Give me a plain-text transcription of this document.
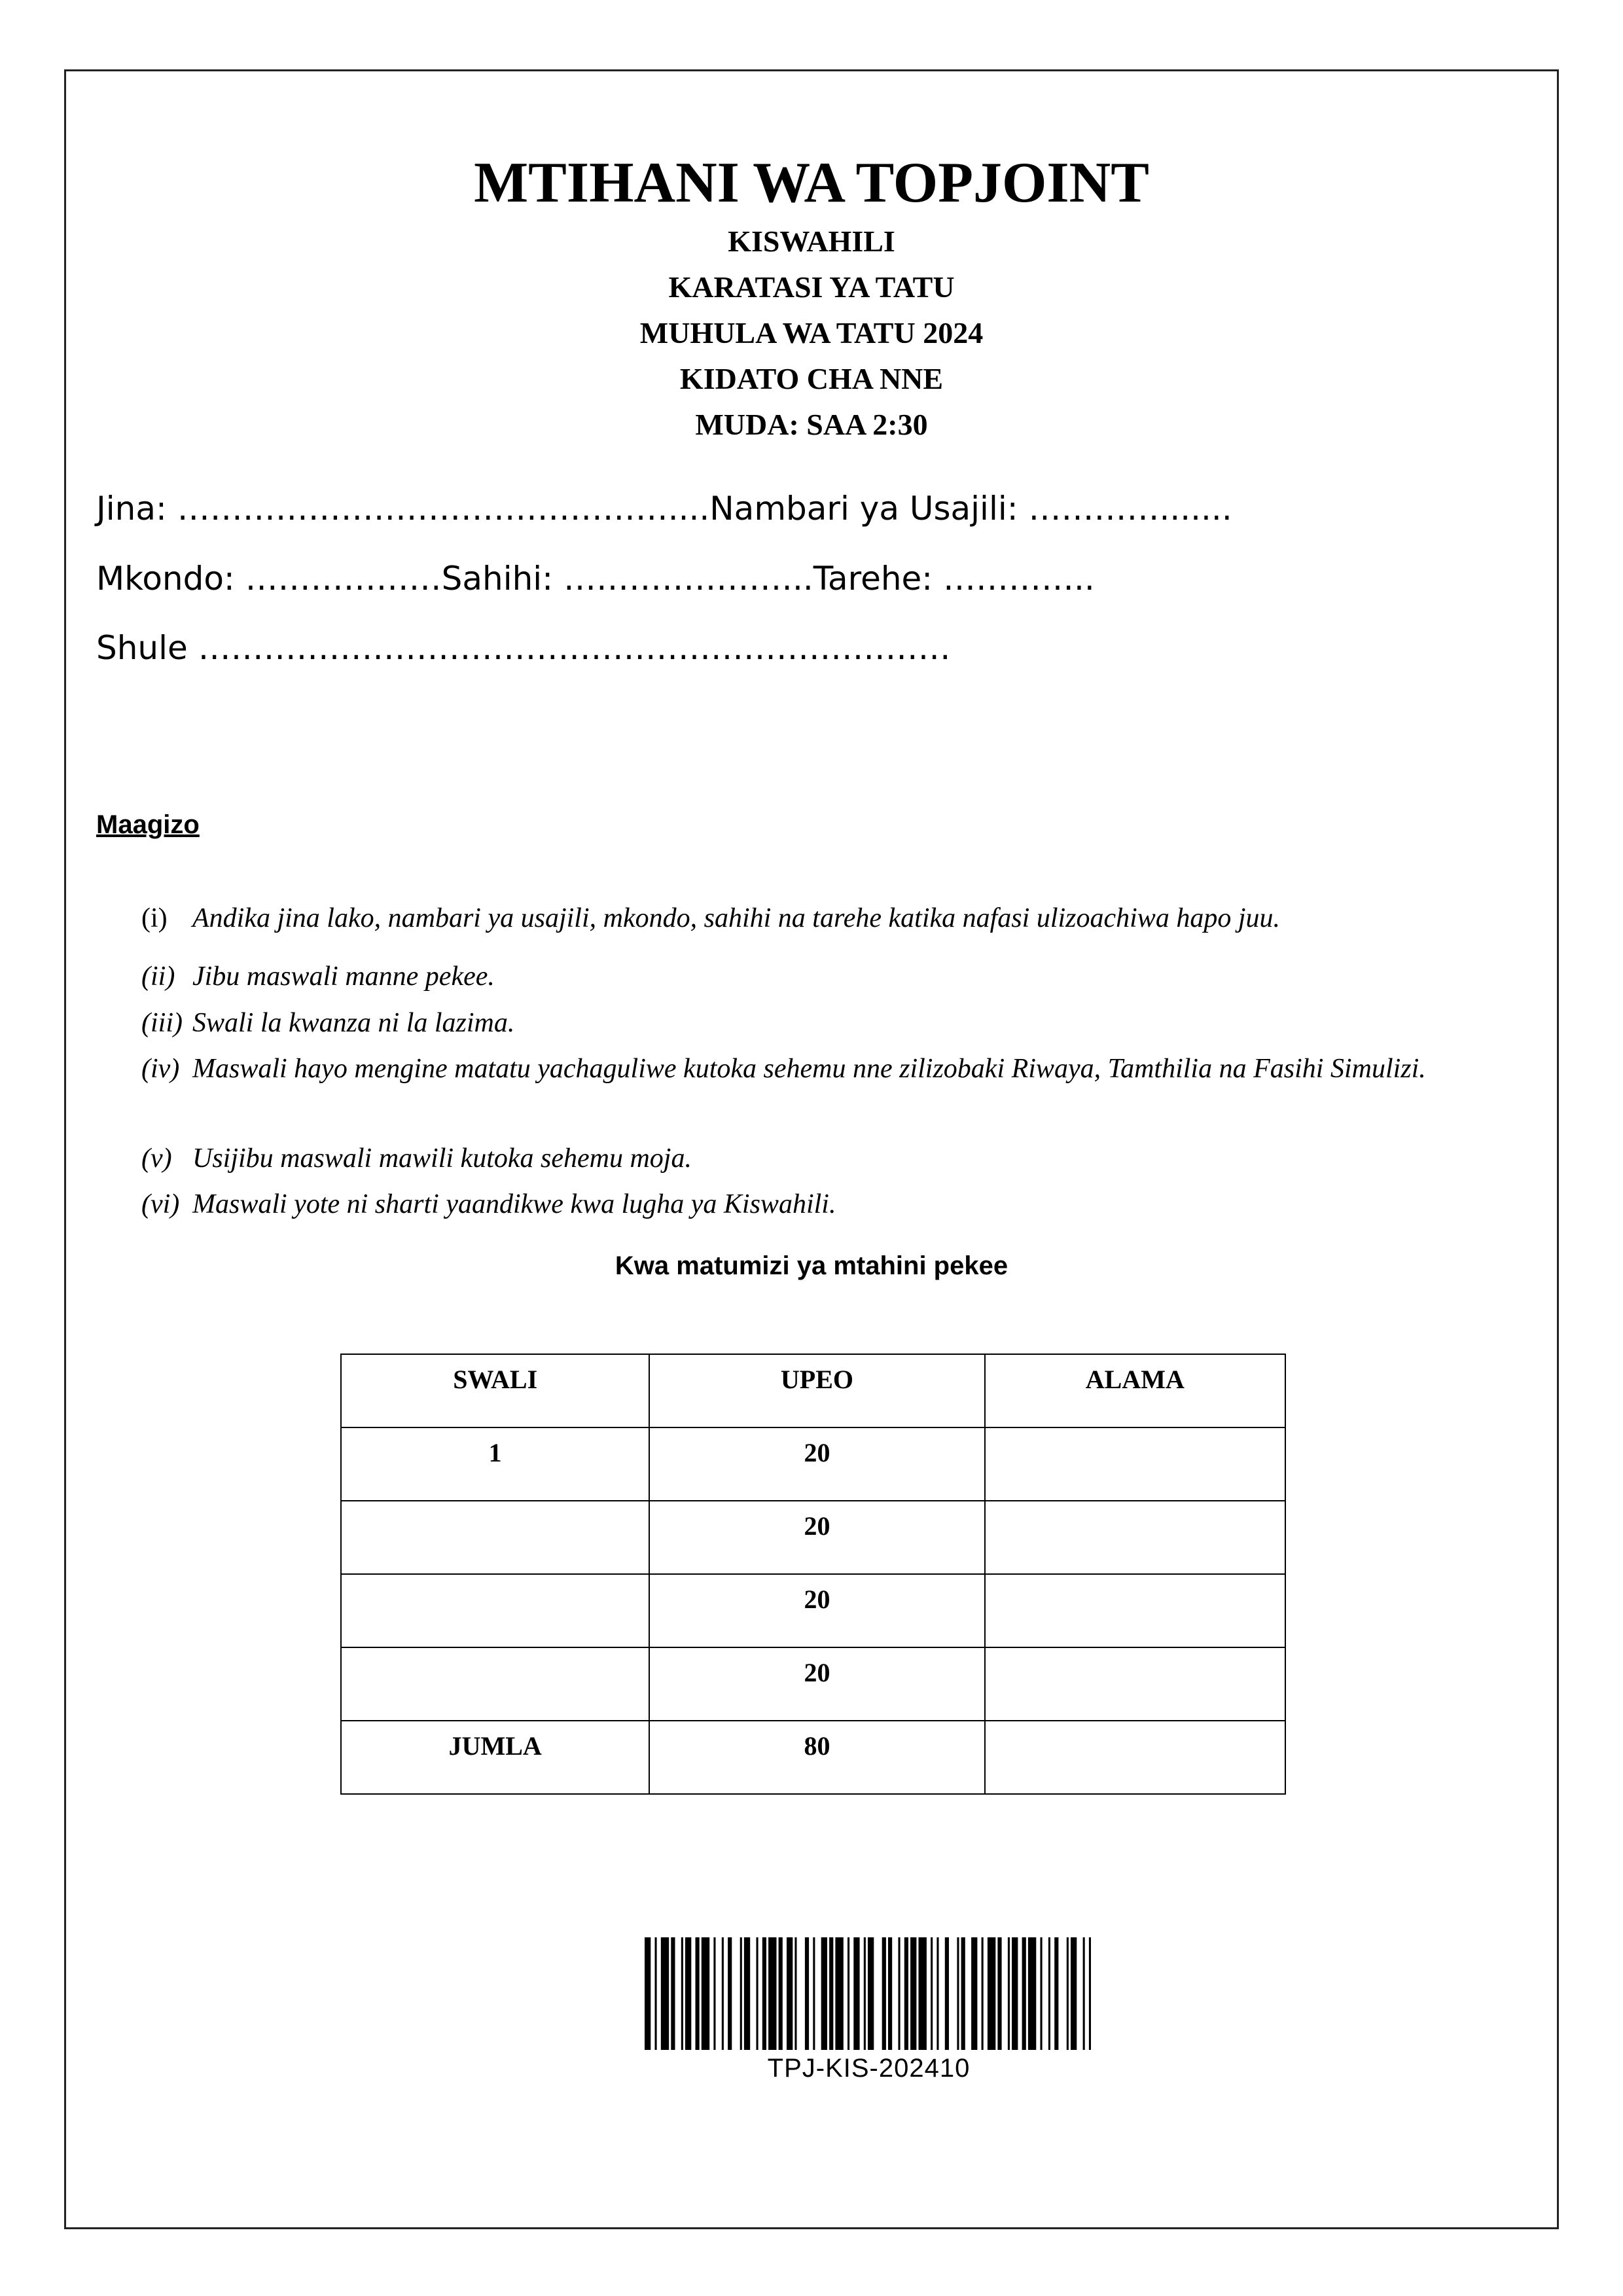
MTIHANI WA TOPJOINT
KISWAHILI
KARATASI YA TATU
MUHULA WA TATU 2024
KIDATO CHA NNE
MUDA: SAA 2:30
Jina: ………………………………………....Nambari ya Usajili: ………….......
Mkondo: ………………Sahihi: …………………..Tarehe: …………..
Shule ……………………………………………………………
Maagizo
(i) Andika jina lako, nambari ya usajili, mkondo, sahihi na tarehe katika nafasi ulizoachiwa hapo juu.
(ii) Jibu maswali manne pekee.
(iii) Swali la kwanza ni la lazima.
(iv) Maswali hayo mengine matatu yachaguliwe kutoka sehemu nne zilizobaki Riwaya, Tamthilia na Fasihi Simulizi.
(v) Usijibu maswali mawili kutoka sehemu moja.
(vi) Maswali yote ni sharti yaandikwe kwa lugha ya Kiswahili.
Kwa matumizi ya mtahini pekee
SWALI	UPEO	ALAMA
1	20	
	20	
	20	
	20	
JUMLA	80	
TPJ-KIS-202410
